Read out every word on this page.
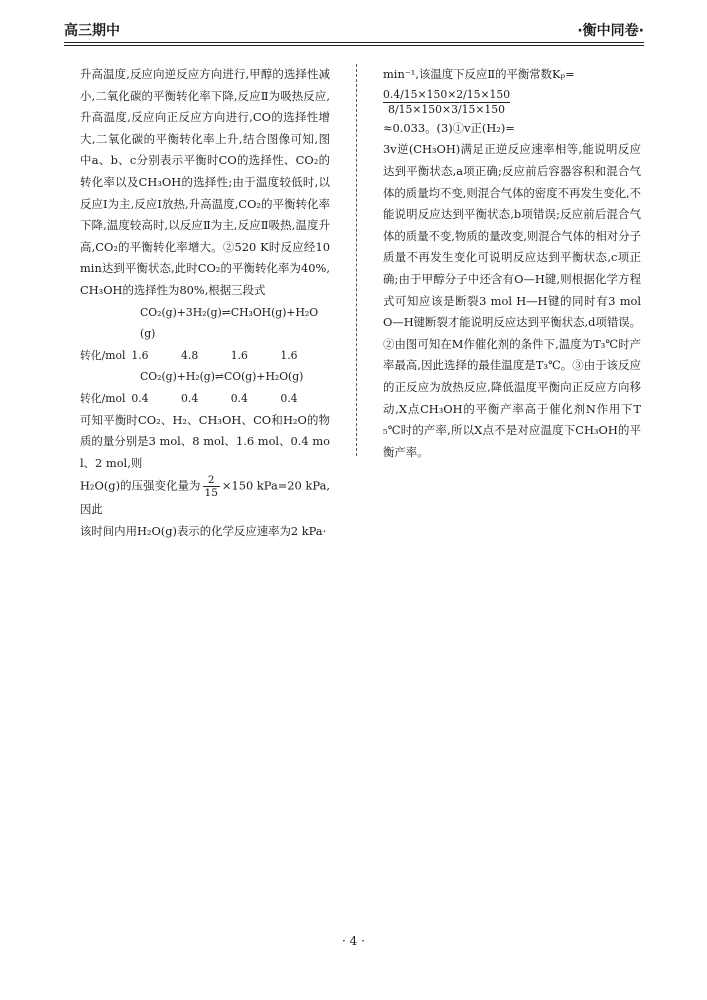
高三期中	·衡中同卷·

升高温度,反应向逆反应方向进行,甲醇的选择性减小,二氧化碳的平衡转化率下降,反应Ⅱ为吸热反应,升高温度,反应向正反应方向进行,CO的选择性增大,二氧化碳的平衡转化率上升,结合图像可知,图中a、b、c分别表示平衡时CO的选择性、CO₂的转化率以及CH₃OH的选择性;由于温度较低时,以反应Ⅰ为主,反应Ⅰ放热,升高温度,CO₂的平衡转化率下降,温度较高时,以反应Ⅱ为主,反应Ⅱ吸热,温度升高,CO₂的平衡转化率增大。②520 K时反应经10 min达到平衡状态,此时CO₂的平衡转化率为40%,CH₃OH的选择性为80%,根据三段式

CO₂(g)+3H₂(g)⇌CH₃OH(g)+H₂O(g)
转化/mol 1.6	4.8	1.6	1.6
CO₂(g)+H₂(g)⇌CO(g)+H₂O(g)
转化/mol 0.4	0.4	0.4	0.4

可知平衡时CO₂、H₂、CH₃OH、CO和H₂O的物质的量分别是3 mol、8 mol、1.6 mol、0.4 mol、2 mol,则

H₂O(g)的压强变化量为 $\frac{2}{15} \times 150$ kPa=20 kPa,因此

该时间内用H₂O(g)表示的化学反应速率为2 kPa·

min⁻¹,该温度下反应Ⅱ的平衡常数Kₚ=

$\frac{0.4/15\times 150\times 2/15\times 150}{8/15\times 150\times 3/15\times 150}$
≈0.033。(3)①v正(H₂)=

3v逆(CH₃OH)满足正逆反应速率相等,能说明反应达到平衡状态,a项正确;反应前后容器容积和混合气体的质量均不变,则混合气体的密度不再发生变化,不能说明反应达到平衡状态,b项错误;反应前后混合气体的质量不变,物质的量改变,则混合气体的相对分子质量不再发生变化可说明反应达到平衡状态,c项正确;由于甲醇分子中还含有O—H键,则根据化学方程式可知应该是断裂3 mol H—H键的同时有3 mol O—H键断裂才能说明反应达到平衡状态,d项错误。②由图可知在M作催化剂的条件下,温度为T₃℃时产率最高,因此选择的最佳温度是T₃℃。③由于该反应的正反应为放热反应,降低温度平衡向正反应方向移动,X点CH₃OH的平衡产率高于催化剂N作用下T₅℃时的产率,所以X点不是对应温度下CH₃OH的平衡产率。

· 4 ·
